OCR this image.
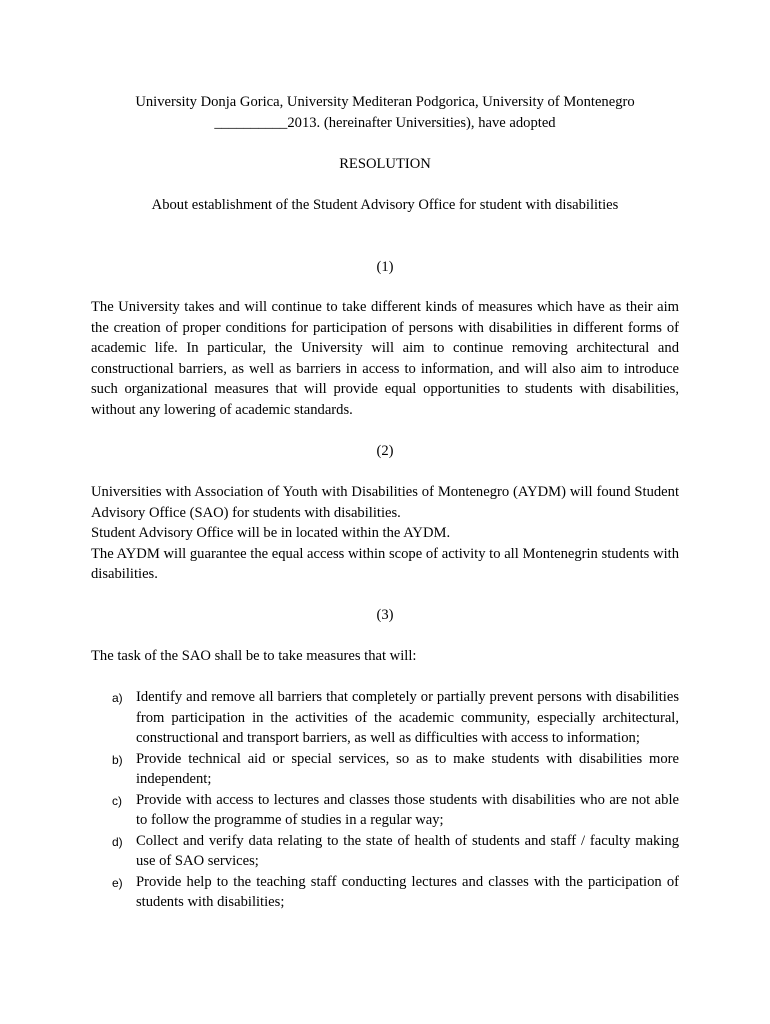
University Donja Gorica, University Mediteran Podgorica, University of Montenegro
__________2013. (hereinafter Universities), have adopted
RESOLUTION
About establishment of the Student Advisory Office for student with disabilities
(1)

The University takes and will continue to take different kinds of measures which have as their aim the creation of proper conditions for participation of persons with disabilities in different forms of academic life. In particular, the University will aim to continue removing architectural and constructional barriers, as well as barriers in access to information, and will also aim to introduce such organizational measures that will provide equal opportunities to students with disabilities, without any lowering of academic standards.

(2)

Universities with Association of Youth with Disabilities of Montenegro (AYDM) will found Student Advisory Office (SAO) for students with disabilities.

Student Advisory Office will be in located within the AYDM.

The AYDM will guarantee the equal access within scope of activity to all Montenegrin students with disabilities.

(3)

The task of the SAO shall be to take measures that will:

a) Identify and remove all barriers that completely or partially prevent persons with disabilities from participation in the activities of the academic community, especially architectural, constructional and transport barriers, as well as difficulties with access to information;
b) Provide technical aid or special services, so as to make students with disabilities more independent;
c) Provide with access to lectures and classes those students with disabilities who are not able to follow the programme of studies in a regular way;
d) Collect and verify data relating to the state of health of students and staff / faculty making use of SAO services;
e) Provide help to the teaching staff conducting lectures and classes with the participation of students with disabilities;
